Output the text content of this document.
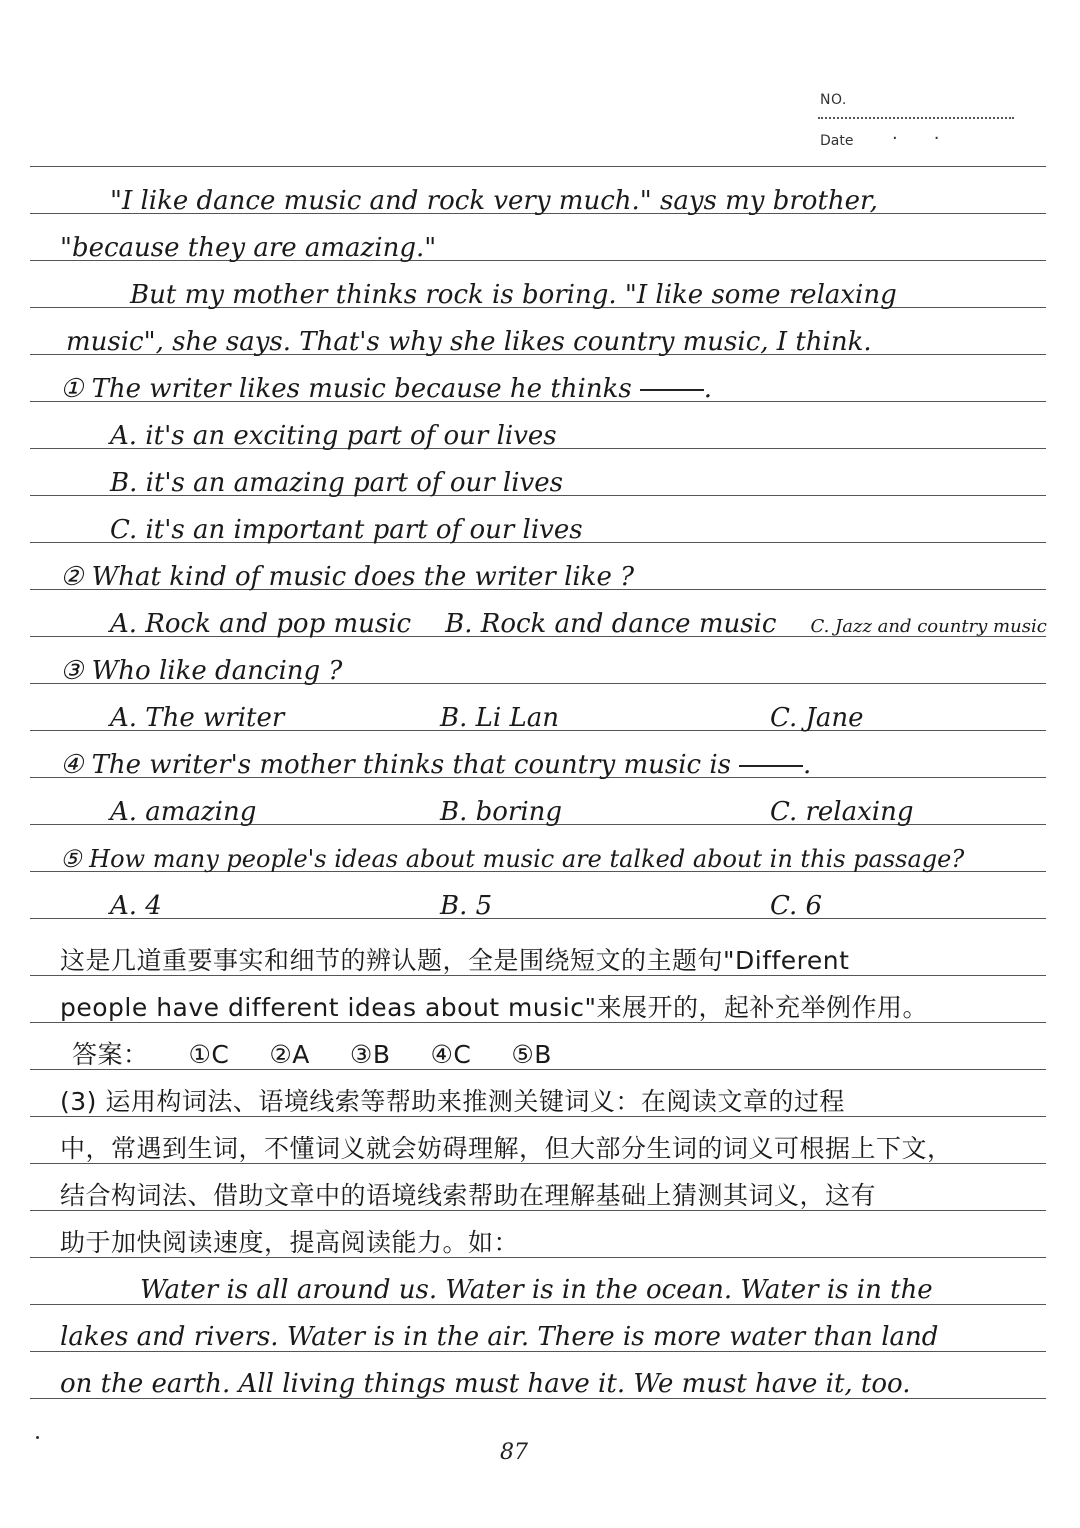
NO.
Date ··
"I like dance music and rock very much." says my brother,
"because they are amazing."
But my mother thinks rock is boring. "I like some relaxing
music", she says. That's why she likes country music, I think.
① The writer likes music because he thinks	.
A. it's an exciting part of our lives
B. it's an amazing part of our lives
C. it's an important part of our lives
② What kind of music does the writer like ?
A. Rock and pop music B. Rock and dance music C. Jazz and country music
③ Who like dancing ?
A. The writer	B. Li Lan	C. Jane
④ The writer's mother thinks that country music is	.
A. amazing	B. boring	C. relaxing
⑤ How many people's ideas about music are talked about in this passage?
A. 4	B. 5	C. 6
这是几道重要事实和细节的辨认题，全是围绕短文的主题句"Different
people have different ideas about music"来展开的，起补充举例作用。
答案： ①C ②A ③B ④C ⑤B
(3) 运用构词法、语境线索等帮助来推测关键词义：在阅读文章的过程
中，常遇到生词，不懂词义就会妨碍理解，但大部分生词的词义可根据上下文，
结合构词法、借助文章中的语境线索帮助在理解基础上猜测其词义，这有
助于加快阅读速度，提高阅读能力。如：
Water is all around us. Water is in the ocean. Water is in the
lakes and rivers. Water is in the air. There is more water than land
on the earth. All living things must have it. We must have it, too.
87
